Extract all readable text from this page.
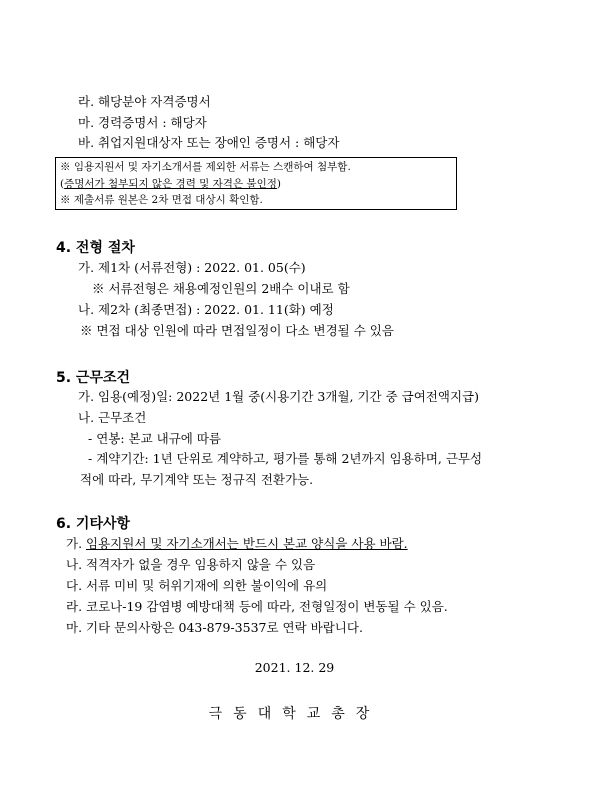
라. 해당분야 자격증명서
마. 경력증명서 : 해당자
바. 취업지원대상자 또는 장애인 증명서 : 해당자
※ 임용지원서 및 자기소개서를 제외한 서류는 스캔하여 첨부함.
(증명서가 첨부되지 않은 경력 및 자격은 불인정)
※ 제출서류 원본은 2차 면접 대상시 확인함.
4. 전형 절차
가. 제1차 (서류전형) : 2022. 01. 05(수)
※ 서류전형은 채용예정인원의 2배수 이내로 함
나. 제2차 (최종면접) : 2022. 01. 11(화) 예정
※ 면접 대상 인원에 따라 면접일정이 다소 변경될 수 있음
5. 근무조건
가. 임용(예정)일: 2022년 1월 중(시용기간 3개월, 기간 중 급여전액지급)
나. 근무조건
- 연봉: 본교 내규에 따름
- 계약기간: 1년 단위로 계약하고, 평가를 통해 2년까지 임용하며, 근무성
적에 따라, 무기계약 또는 정규직 전환가능.
6. 기타사항
가. 임용지원서 및 자기소개서는 반드시 본교 양식을 사용 바람.
나. 적격자가 없을 경우 임용하지 않을 수 있음
다. 서류 미비 및 허위기재에 의한 불이익에 유의
라. 코로나-19 감염병 예방대책 등에 따라, 전형일정이 변동될 수 있음.
마. 기타 문의사항은 043-879-3537로 연락 바랍니다.
2021. 12. 29
극동대학교총장
